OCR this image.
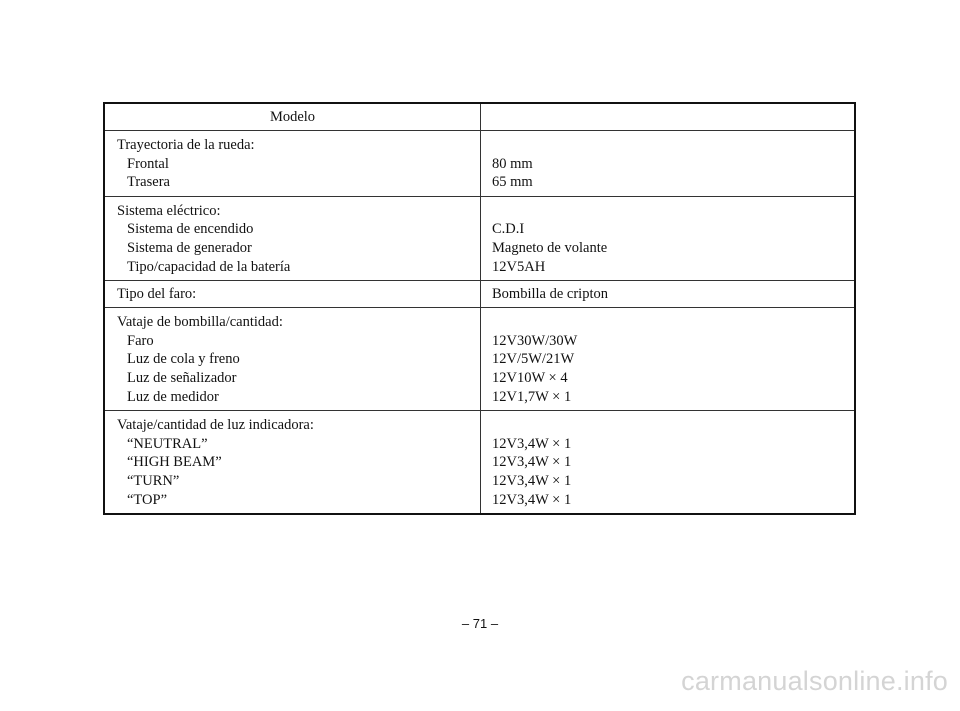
Modelo
Trayectoria de la rueda:
Frontal
Trasera
80 mm
65 mm
Sistema eléctrico:
Sistema de encendido
Sistema de generador
Tipo/capacidad de la batería
C.D.I
Magneto de volante
12V5AH
Tipo del faro:	Bombilla de cripton
Vataje de bombilla/cantidad:
Faro
Luz de cola y freno
Luz de señalizador
Luz de medidor
12V30W/30W
12V/5W/21W
12V10W × 4
12V1,7W × 1
Vataje/cantidad de luz indicadora:
“NEUTRAL”
“HIGH BEAM”
“TURN”
“TOP”
12V3,4W × 1
12V3,4W × 1
12V3,4W × 1
12V3,4W × 1
– 71 –
carmanualsonline.info
